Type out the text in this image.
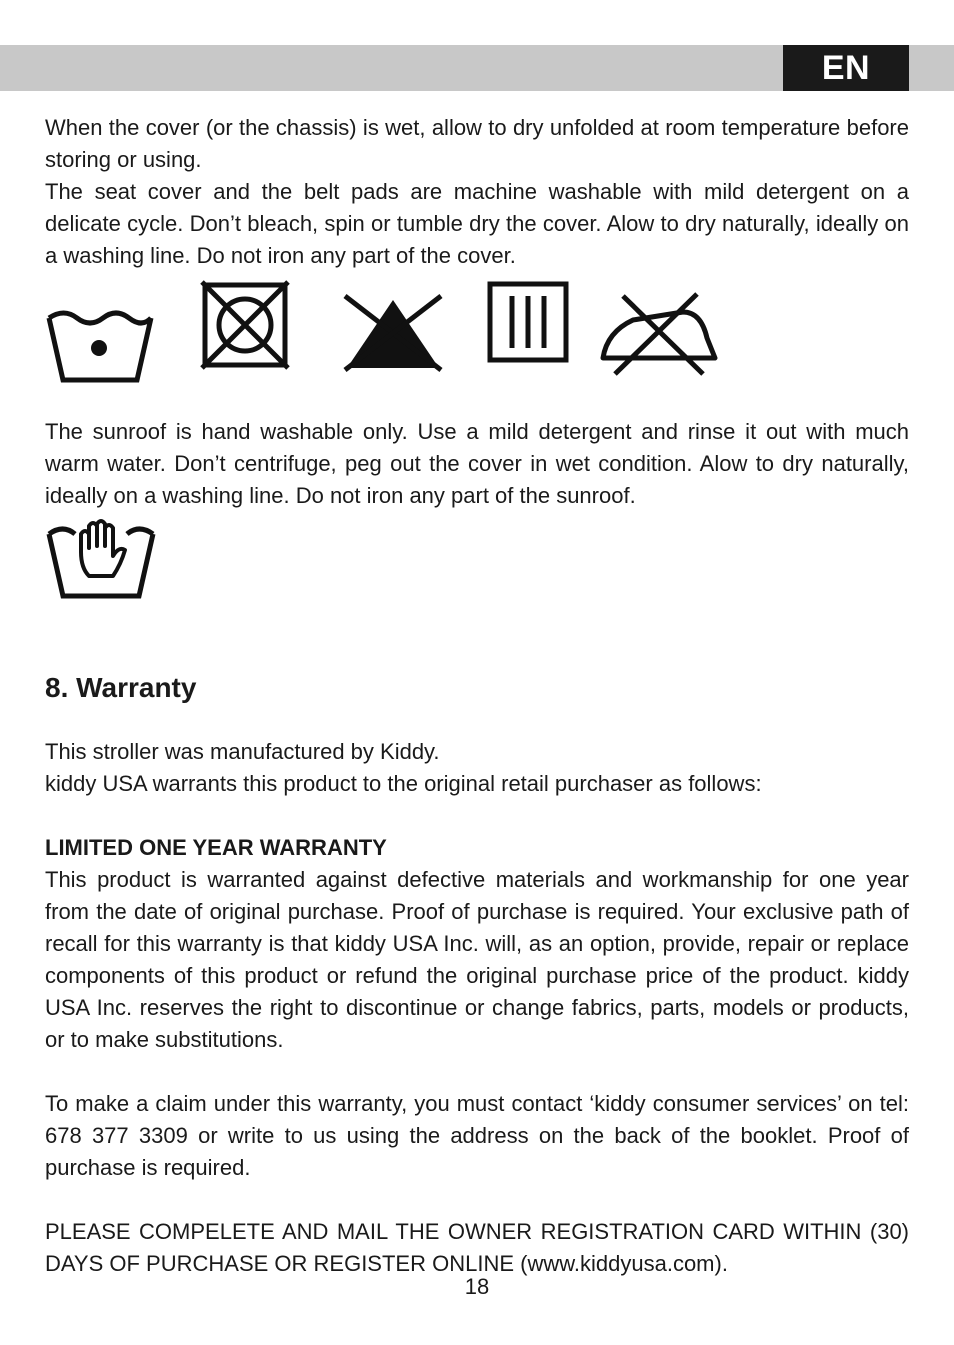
EN

When the cover (or the chassis) is wet, allow to dry unfolded at room temperature before storing or using.

The seat cover and the belt pads are machine washable with mild detergent on a delicate cycle. Don’t bleach, spin or tumble dry the cover. Alow to dry naturally, ideally on a washing line. Do not iron any part of the cover.

The sunroof is hand washable only. Use a mild detergent and rinse it out with much warm water. Don’t centrifuge, peg out the cover in wet condition. Alow to dry naturally, ideally on a washing line. Do not iron any part of the sunroof.

8. Warranty

This stroller was manufactured by Kiddy.

kiddy USA warrants this product to the original retail purchaser as follows:

LIMITED ONE YEAR WARRANTY

This product is warranted against defective materials and workmanship for one year from the date of original purchase. Proof of purchase is required. Your exclusive path of recall for this warranty is that kiddy USA Inc. will, as an option, provide, repair or replace components of this product or refund the original purchase price of the product. kiddy USA Inc. reserves the right to discontinue or change fabrics, parts, models or products, or to make substitutions.

To make a claim under this warranty, you must contact ‘kiddy consumer services’ on tel: 678 377 3309 or write to us using the address on the back of the booklet. Proof of purchase is required.

PLEASE COMPELETE AND MAIL THE OWNER REGISTRATION CARD WITHIN (30) DAYS OF PURCHASE OR REGISTER ONLINE (www.kiddyusa.com).

18
